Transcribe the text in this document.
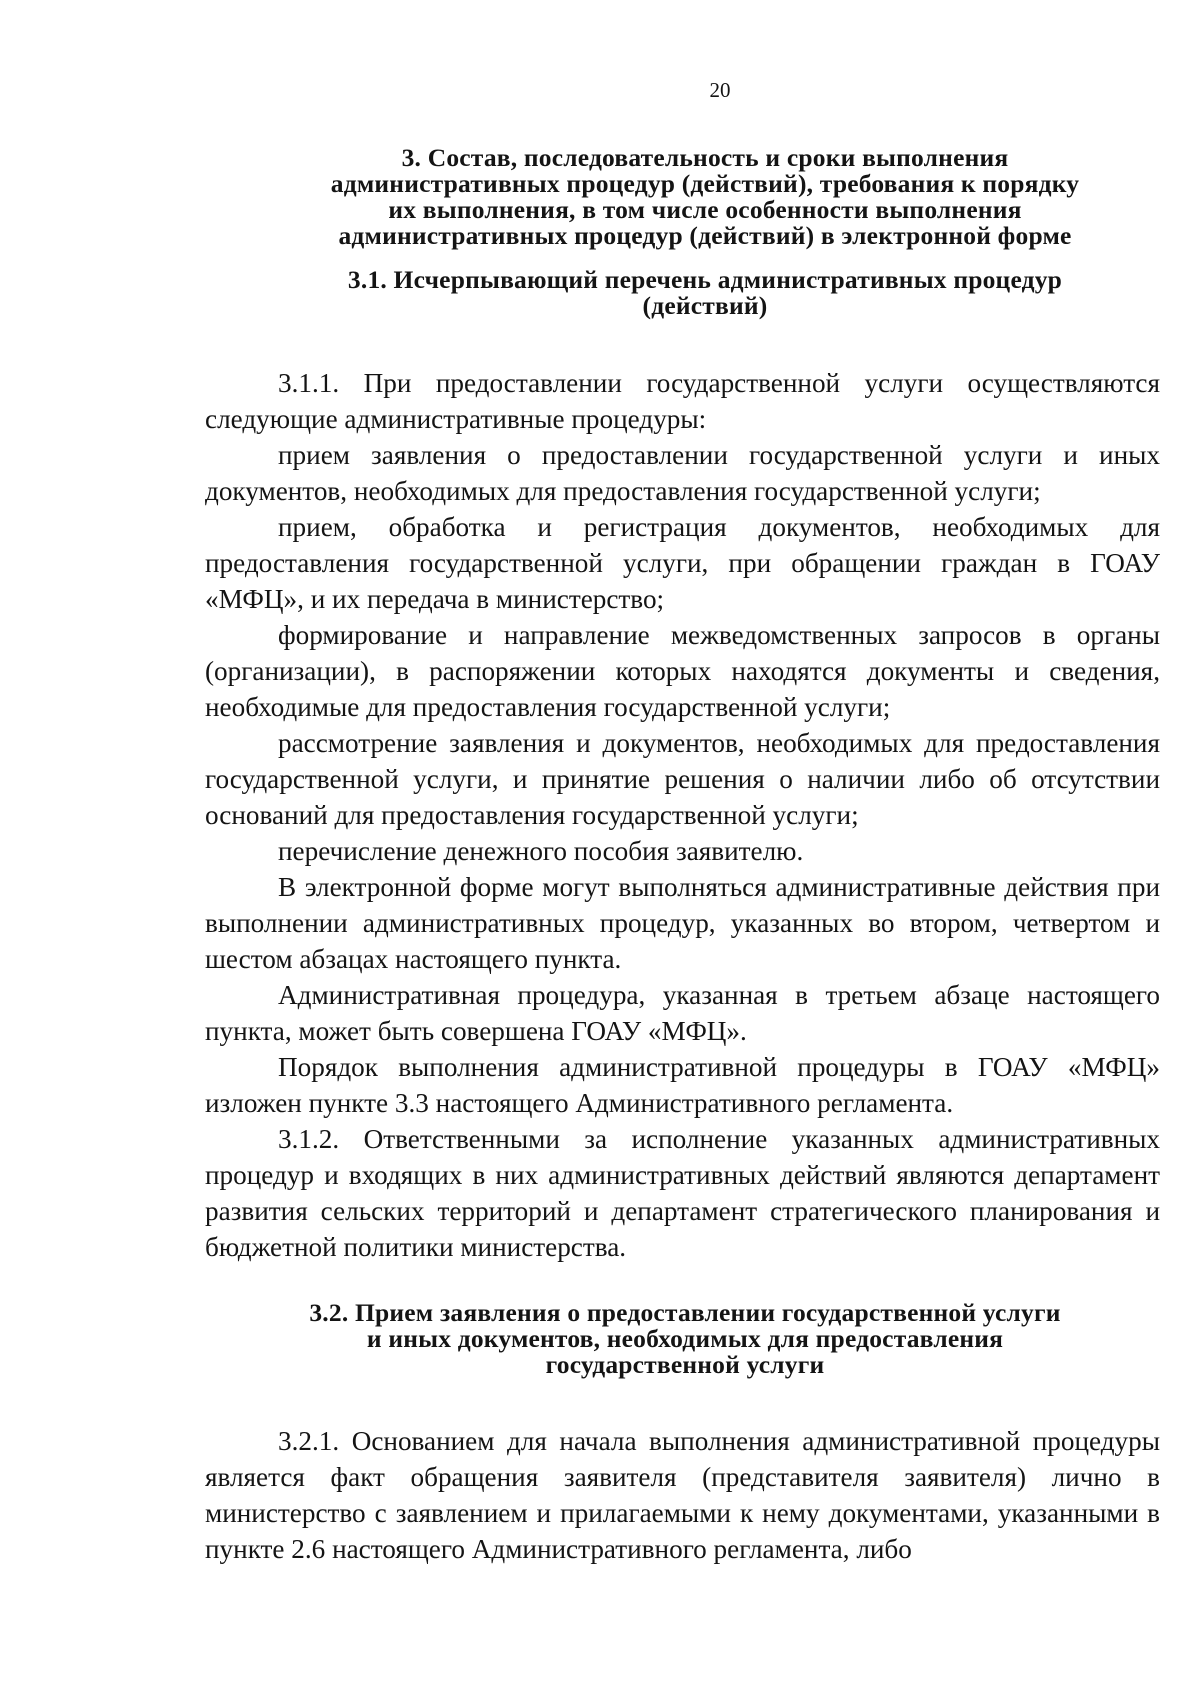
20
3. Состав, последовательность и сроки выполнения
административных процедур (действий), требования к порядку
их выполнения, в том числе особенности выполнения
административных процедур (действий) в электронной форме
3.1. Исчерпывающий перечень административных процедур
(действий)

3.1.1. При предоставлении государственной услуги осуществляются следующие административные процедуры:

прием заявления о предоставлении государственной услуги и иных документов, необходимых для предоставления государственной услуги;

прием, обработка и регистрация документов, необходимых для предоставления государственной услуги, при обращении граждан в ГОАУ «МФЦ», и их передача в министерство;

формирование и направление межведомственных запросов в органы (организации), в распоряжении которых находятся документы и сведения, необходимые для предоставления государственной услуги;

рассмотрение заявления и документов, необходимых для предоставления государственной услуги, и принятие решения о наличии либо об отсутствии оснований для предоставления государственной услуги;

перечисление денежного пособия заявителю.

В электронной форме могут выполняться административные действия при выполнении административных процедур, указанных во втором, четвертом и шестом абзацах настоящего пункта.

Административная процедура, указанная в третьем абзаце настоящего пункта, может быть совершена ГОАУ «МФЦ».

Порядок выполнения административной процедуры в ГОАУ «МФЦ» изложен пункте 3.3 настоящего Административного регламента.

3.1.2. Ответственными за исполнение указанных административных процедур и входящих в них административных действий являются департамент развития сельских территорий и департамент стратегического планирования и бюджетной политики министерства.

3.2. Прием заявления о предоставлении государственной услуги
и иных документов, необходимых для предоставления
государственной услуги

3.2.1. Основанием для начала выполнения административной процедуры является факт обращения заявителя (представителя заявителя) лично в министерство с заявлением и прилагаемыми к нему документами, указанными в пункте 2.6 настоящего Административного регламента, либо
